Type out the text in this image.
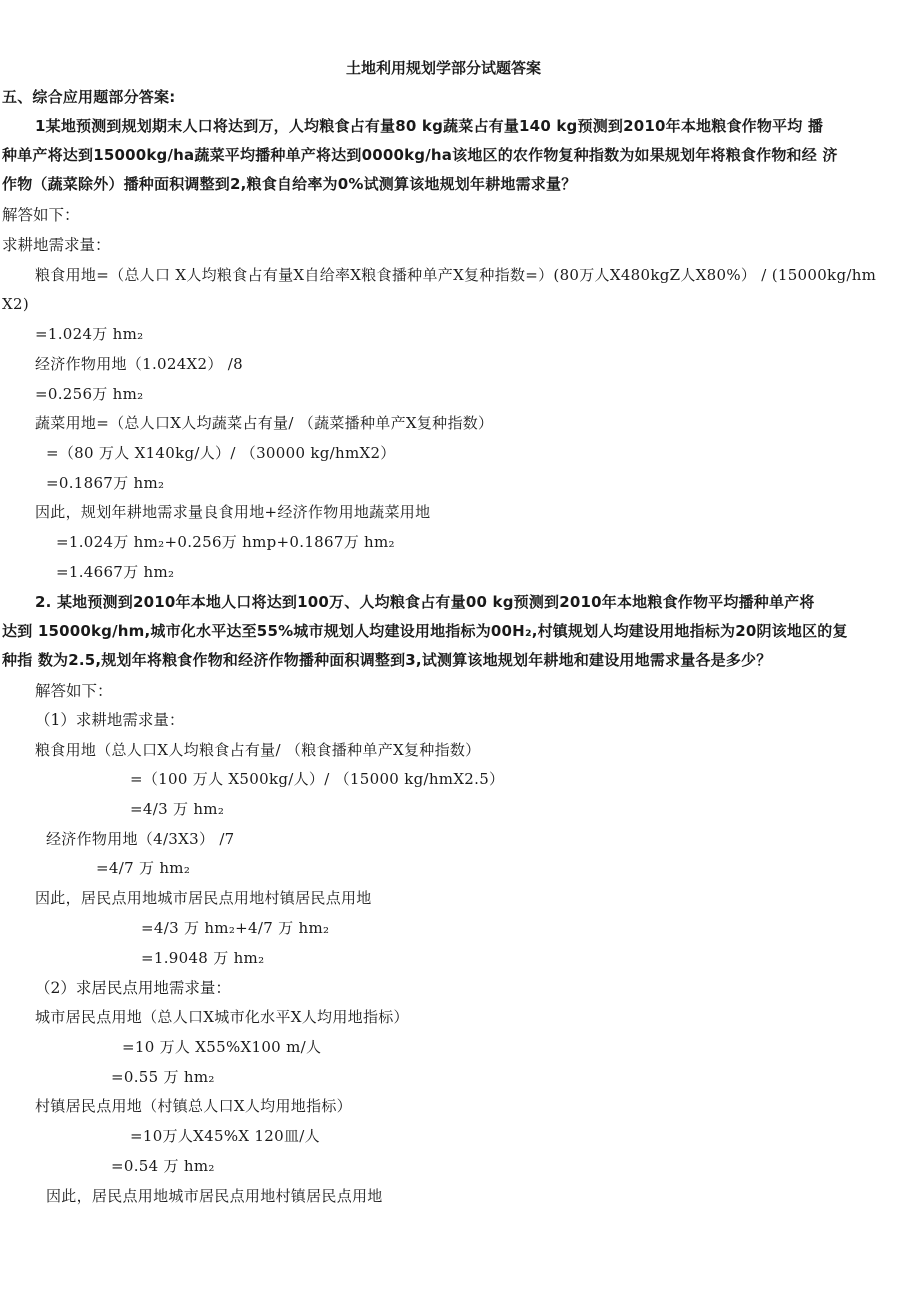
土地利用规划学部分试题答案
五、综合应用题部分答案:
1某地预测到规划期末人口将达到万，人均粮食占有量80 kg蔬菜占有量140 kg预测到2010年本地粮食作物平均 播
种单产将达到15000kg/ha蔬菜平均播种单产将达到0000kg/ha该地区的农作物复种指数为如果规划年将粮食作物和经 济
作物（蔬菜除外）播种面积调整到2,粮食自给率为0%试测算该地规划年耕地需求量？
解答如下：
求耕地需求量：
粮食用地=（总人口 X人均粮食占有量X自给率X粮食播种单产X复种指数=）(80万人X480kgZ人X80%） / (15000kg/hm
X2)
=1.024万 hm₂
经济作物用地（1.024X2） /8
=0.256万 hm₂
蔬菜用地=（总人口X人均蔬菜占有量/ （蔬菜播种单产X复种指数）
=（80 万人 X140kg/人）/ （30000 kg/hmX2）
=0.1867万 hm₂
因此，规划年耕地需求量良食用地+经济作物用地蔬菜用地
=1.024万 hm₂+0.256万 hmp+0.1867万 hm₂
=1.4667万 hm₂
2. 某地预测到2010年本地人口将达到100万、人均粮食占有量00 kg预测到2010年本地粮食作物平均播种单产将
达到 15000kg/hm,城市化水平达至55%城市规划人均建设用地指标为00H₂,村镇规划人均建设用地指标为20阴该地区的复
种指 数为2.5,规划年将粮食作物和经济作物播种面积调整到3,试测算该地规划年耕地和建设用地需求量各是多少？
解答如下：
（1）求耕地需求量：
粮食用地（总人口X人均粮食占有量/ （粮食播种单产X复种指数）
=（100 万人 X500kg/人）/ （15000 kg/hmX2.5）
=4/3 万 hm₂
经济作物用地（4/3X3） /7
=4/7 万 hm₂
因此，居民点用地城市居民点用地村镇居民点用地
=4/3 万 hm₂+4/7 万 hm₂
=1.9048 万 hm₂
（2）求居民点用地需求量：
城市居民点用地（总人口X城市化水平X人均用地指标）
=10 万人 X55%X100 m/人
=0.55 万 hm₂
村镇居民点用地（村镇总人口X人均用地指标）
=10万人X45%X 120皿/人
=0.54 万 hm₂
因此，居民点用地城市居民点用地村镇居民点用地
